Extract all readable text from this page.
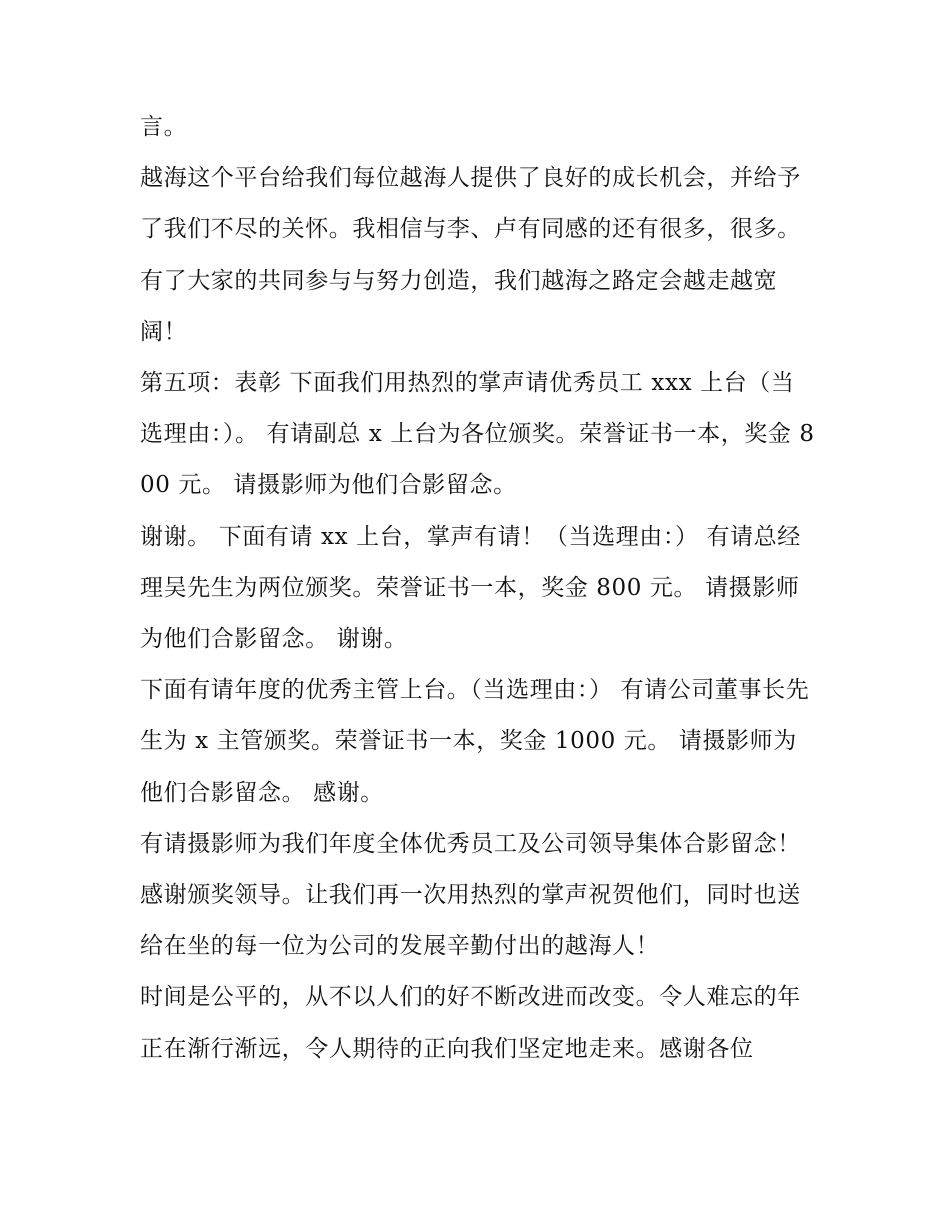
言。

越海这个平台给我们每位越海人提供了良好的成长机会，并给予了我们不尽的关怀。我相信与李、卢有同感的还有很多，很多。有了大家的共同参与与努力创造，我们越海之路定会越走越宽阔！

第五项：表彰 下面我们用热烈的掌声请优秀员工 xxx 上台（当选理由：）。 有请副总 x 上台为各位颁奖。荣誉证书一本，奖金 800 元。 请摄影师为他们合影留念。

谢谢。 下面有请 xx 上台，掌声有请！（当选理由：） 有请总经理吴先生为两位颁奖。荣誉证书一本，奖金 800 元。 请摄影师为他们合影留念。 谢谢。

下面有请年度的优秀主管上台。（当选理由：） 有请公司董事长先生为 x 主管颁奖。荣誉证书一本，奖金 1000 元。 请摄影师为他们合影留念。 感谢。

有请摄影师为我们年度全体优秀员工及公司领导集体合影留念！

感谢颁奖领导。让我们再一次用热烈的掌声祝贺他们，同时也送给在坐的每一位为公司的发展辛勤付出的越海人！

时间是公平的，从不以人们的好不断改进而改变。令人难忘的年正在渐行渐远，令人期待的正向我们坚定地走来。感谢各位
